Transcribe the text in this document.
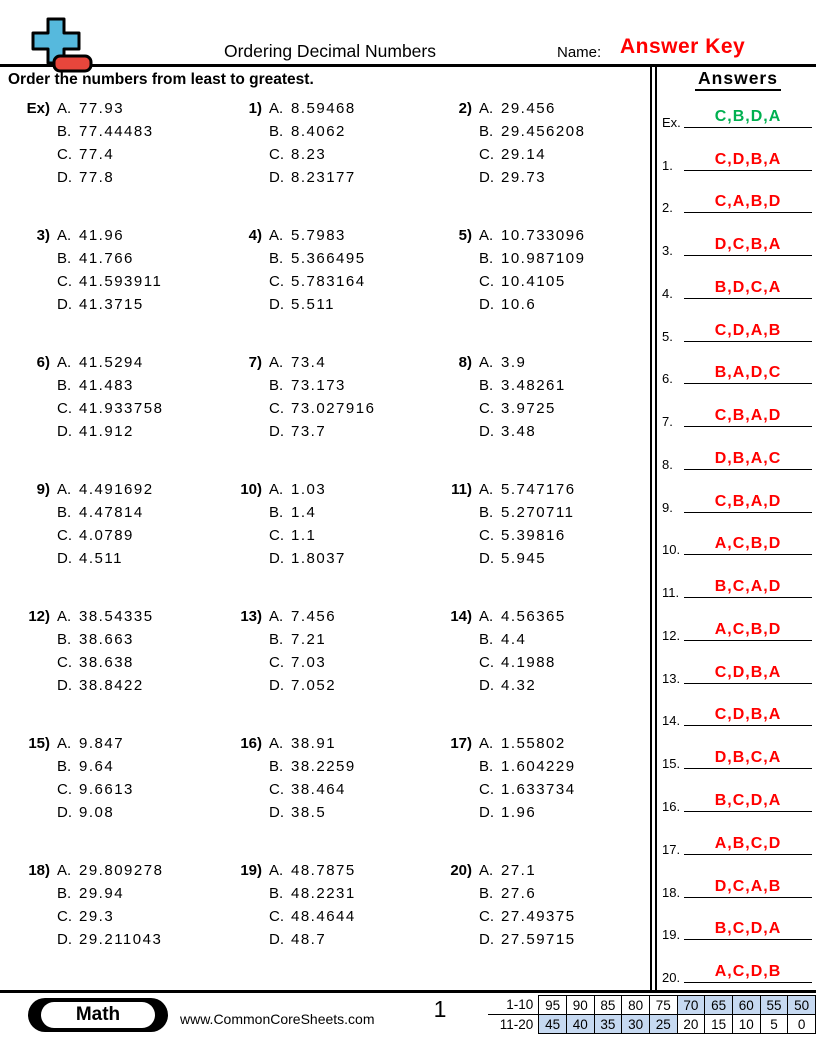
Ordering Decimal Numbers	Name: Answer Key
Order the numbers from least to greatest.
Ex) A. 77.93
B. 77.44483
C. 77.4
D. 77.8
1) A. 8.59468
B. 8.4062
C. 8.23
D. 8.23177
2) A. 29.456
B. 29.456208
C. 29.14
D. 29.73
3) A. 41.96
B. 41.766
C. 41.593911
D. 41.3715
4) A. 5.7983
B. 5.366495
C. 5.783164
D. 5.511
5) A. 10.733096
B. 10.987109
C. 10.4105
D. 10.6
6) A. 41.5294
B. 41.483
C. 41.933758
D. 41.912
7) A. 73.4
B. 73.173
C. 73.027916
D. 73.7
8) A. 3.9
B. 3.48261
C. 3.9725
D. 3.48
9) A. 4.491692
B. 4.47814
C. 4.0789
D. 4.511
10) A. 1.03
B. 1.4
C. 1.1
D. 1.8037
11) A. 5.747176
B. 5.270711
C. 5.39816
D. 5.945
12) A. 38.54335
B. 38.663
C. 38.638
D. 38.8422
13) A. 7.456
B. 7.21
C. 7.03
D. 7.052
14) A. 4.56365
B. 4.4
C. 4.1988
D. 4.32
15) A. 9.847
B. 9.64
C. 9.6613
D. 9.08
16) A. 38.91
B. 38.2259
C. 38.464
D. 38.5
17) A. 1.55802
B. 1.604229
C. 1.633734
D. 1.96
18) A. 29.809278
B. 29.94
C. 29.3
D. 29.211043
19) A. 48.7875
B. 48.2231
C. 48.4644
D. 48.7
20) A. 27.1
B. 27.6
C. 27.49375
D. 27.59715
Answers
Ex.	C,B,D,A
1.	C,D,B,A
2.	C,A,B,D
3.	D,C,B,A
4.	B,D,C,A
5.	C,D,A,B
6.	B,A,D,C
7.	C,B,A,D
8.	D,B,A,C
9.	C,B,A,D
10.	A,C,B,D
11.	B,C,A,D
12.	A,C,B,D
13.	C,D,B,A
14.	C,D,B,A
15.	D,B,C,A
16.	B,C,D,A
17.	A,B,C,D
18.	D,C,A,B
19.	B,C,D,A
20.	A,C,D,B
Math	www.CommonCoreSheets.com	1	1-10	95	90	85	80	75	70	65	60	55	50
11-20	45	40	35	30	25	20	15	10	5	0
